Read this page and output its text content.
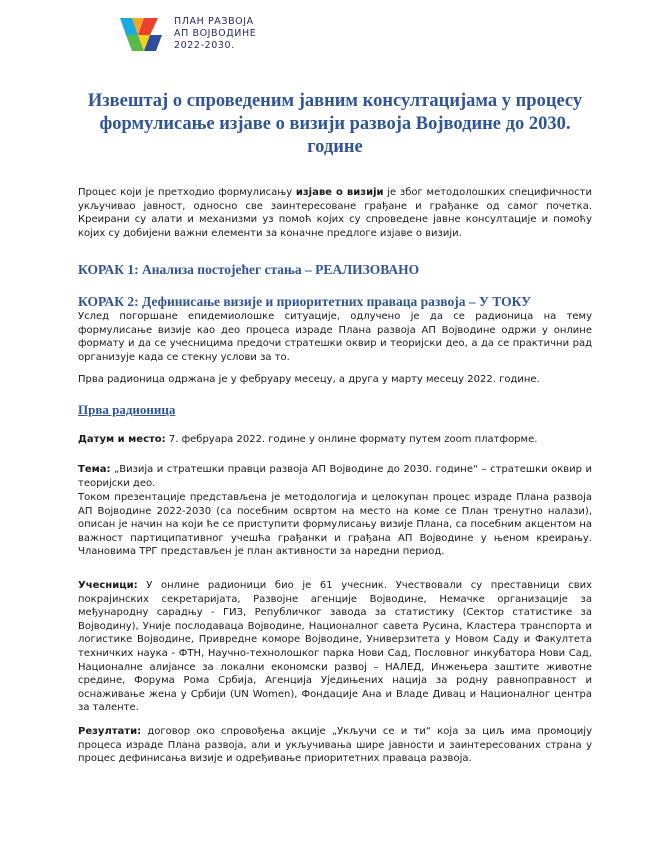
ПЛАН РАЗВОЈА
АП ВОЈВОДИНЕ
2022-2030.
Извештај о спроведеним јавним консултацијама у процесу формулисање изјаве о визији развоја Војводине до 2030. године

Процес који је претходио формулисању изјаве о визији је због методолошких специфичности укључивао јавност, односно све заинтересоване грађане и грађанке од самог почетка. Креирани су алати и механизми уз помоћ којих су спроведене јавне консултације и помоћу којих су добијени важни елементи за коначне предлоге изјаве о визији.

КОРАК 1: Анализа постојећег стања – РЕАЛИЗОВАНО
КОРАК 2: Дефинисање визије и приоритетних праваца развоја – У ТОКУ

Услед погоршане епидемиолошке ситуације, одлучено је да се радионица на тему формулисање визије као део процеса израде Плана развоја АП Војводине одржи у онлине формату и да се учесницима предочи стратешки оквир и теоријски део, а да се практични рад организује када се стекну услови за то.

Прва радионица одржана је у фебруару месецу, а друга у марту месецу 2022. године.

Прва радионица

Датум и место: 7. фебруара 2022. године у онлине формату путем zoom платформе.

Тема: „Визија и стратешки правци развоја АП Војводине до 2030. године“ – стратешки оквир и теоријски део.

Током презентације представљена је методологија и целокупан процес израде Плана развоја АП Војводине 2022-2030 (са посебним освртом на место на коме се План тренутно налази), описан је начин на који ће се приступити формулисању визије Плана, са посебним акцентом на важност партиципативног учешћа грађанки и грађана АП Војводине у њеном креирању. Члановима ТРГ представљен је план активности за наредни период.

Учесници: У онлине радионици био је 61 учесник. Учествовали су преставници свих покрајинских секретаријата, Развојне агенције Војводине, Немачке организације за међународну сарадњу - ГИЗ, Републичког завода за статистику (Сектор статистике за Војводину), Уније послодаваца Војводине, Националног савета Русина, Кластера транспорта и логистике Војводине, Привредне коморе Војводине, Универзитета у Новом Саду и Факултета техничких наука - ФТН, Научно-технолошког парка Нови Сад, Пословног инкубатора Нови Сад, Националне алијансе за локални економски развој – НАЛЕД, Инжењера заштите животне средине, Форума Рома Србија, Агенција Уједињених нација за родну равноправност и оснаживање жена у Србији (UN Women), Фондације Ана и Владе Дивац и Националног центра за таленте.

Резултати: договор око спровођења акције „Укључи се и ти“ која за циљ има промоцију процеса израде Плана развоја, али и укључивања шире јавности и заинтересованих страна у процес дефинисања визије и одређивање приоритетних праваца развоја.
